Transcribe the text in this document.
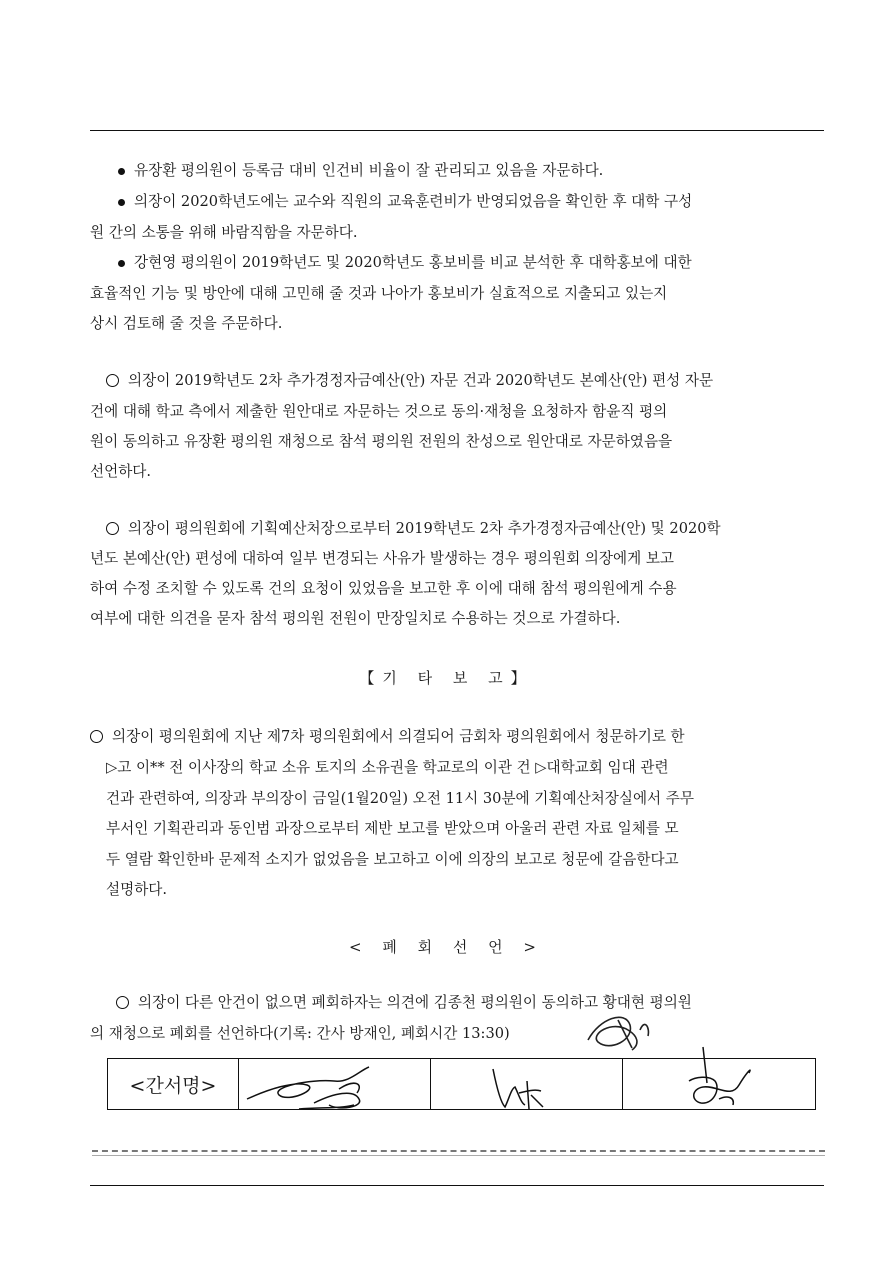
유장환 평의원이 등록금 대비 인건비 비율이 잘 관리되고 있음을 자문하다.
의장이 2020학년도에는 교수와 직원의 교육훈련비가 반영되었음을 확인한 후 대학 구성
원 간의 소통을 위해 바람직함을 자문하다.
강현영 평의원이 2019학년도 및 2020학년도 홍보비를 비교 분석한 후 대학홍보에 대한
효율적인 기능 및 방안에 대해 고민해 줄 것과 나아가 홍보비가 실효적으로 지출되고 있는지
상시 검토해 줄 것을 주문하다.
의장이 2019학년도 2차 추가경정자금예산(안) 자문 건과 2020학년도 본예산(안) 편성 자문
건에 대해 학교 측에서 제출한 원안대로 자문하는 것으로 동의·재청을 요청하자 함윤직 평의
원이 동의하고 유장환 평의원 재청으로 참석 평의원 전원의 찬성으로 원안대로 자문하였음을
선언하다.
의장이 평의원회에 기획예산처장으로부터 2019학년도 2차 추가경정자금예산(안) 및 2020학
년도 본예산(안) 편성에 대하여 일부 변경되는 사유가 발생하는 경우 평의원회 의장에게 보고
하여 수정 조치할 수 있도록 건의 요청이 있었음을 보고한 후 이에 대해 참석 평의원에게 수용
여부에 대한 의견을 묻자 참석 평의원 전원이 만장일치로 수용하는 것으로 가결하다.
【기 타 보 고】
의장이 평의원회에 지난 제7차 평의원회에서 의결되어 금회차 평의원회에서 청문하기로 한
▷고 이** 전 이사장의 학교 소유 토지의 소유권을 학교로의 이관 건 ▷대학교회 임대 관련
건과 관련하여, 의장과 부의장이 금일(1월20일) 오전 11시 30분에 기획예산처장실에서 주무
부서인 기획관리과 동인범 과장으로부터 제반 보고를 받았으며 아울러 관련 자료 일체를 모
두 열람 확인한바 문제적 소지가 없었음을 보고하고 이에 의장의 보고로 청문에 갈음한다고
설명하다.
< 폐 회 선 언 >
의장이 다른 안건이 없으면 폐회하자는 의견에 김종천 평의원이 동의하고 황대현 평의원
의 재청으로 폐회를 선언하다(기록: 간사 방재인, 폐회시간 13:30)
<간서명>
